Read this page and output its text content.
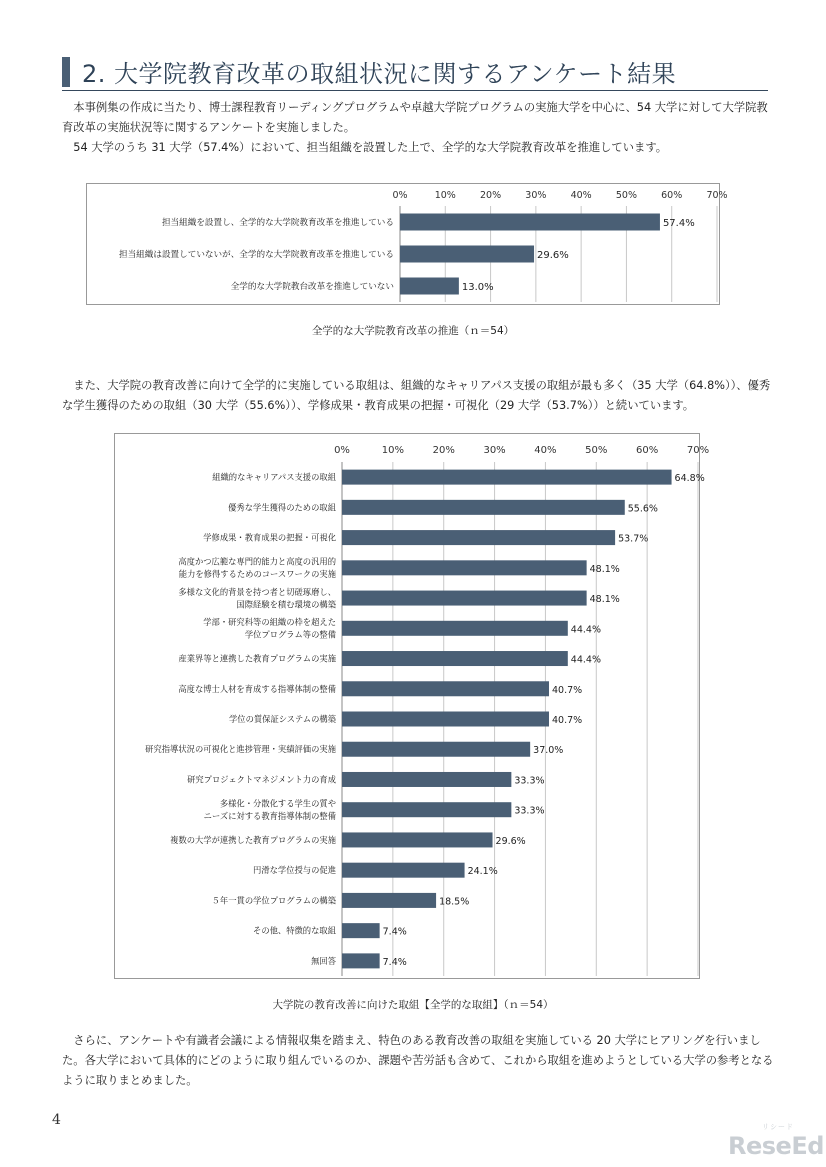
2. 大学院教育改革の取組状況に関するアンケート結果

　本事例集の作成に当たり、博士課程教育リーディングプログラムや卓越大学院プログラムの実施大学を中心に、54 大学に対して大学院教育改革の実施状況等に関するアンケートを実施しました。

　54 大学のうち 31 大学（57.4%）において、担当組織を設置した上で、全学的な大学院教育改革を推進しています。

0%	10%	20%	30%	40%	50%	60%	70%
57.4%
担当組織を設置し、全学的な大学院教育改革を推進している
29.6%
担当組織は設置していないが、全学的な大学院教育改革を推進している
13.0%
全学的な大学院教台改革を推進していない
全学的な大学院教育改革の推進（ｎ＝54）

　また、大学院の教育改善に向けて全学的に実施している取組は、組織的なキャリアパス支援の取組が最も多く（35 大学（64.8%））、優秀な学生獲得のための取組（30 大学（55.6%））、学修成果・教育成果の把握・可視化（29 大学（53.7%））と続いています。

0%	10%	20%	30%	40%	50%	60%	70%
64.8%
組織的なキャリアパス支援の取組
55.6%
優秀な学生獲得のための取組
53.7%
学修成果・教育成果の把握・可視化
48.1%
高度かつ広範な専門的能力と高度の汎用的
能力を修得するためのコースワークの実施
48.1%
多様な文化的背景を持つ者と切磋琢磨し、
国際経験を積む環境の構築
44.4%
学部・研究科等の組織の枠を超えた
学位プログラム等の整備
44.4%
産業界等と連携した教育プログラムの実施
40.7%
高度な博士人材を育成する指導体制の整備
40.7%
学位の質保証システムの構築
37.0%
研究指導状況の可視化と進捗管理・実績評価の実施
33.3%
研究プロジェクトマネジメント力の育成
33.3%
多様化・分散化する学生の質や
ニーズに対する教育指導体制の整備
29.6%
複数の大学が連携した教育プログラムの実施
24.1%
円滑な学位授与の促進
18.5%
５年一貫の学位プログラムの構築
7.4%
その他、特徴的な取組
7.4%
無回答
大学院の教育改善に向けた取組【全学的な取組】（ｎ＝54）

　さらに、アンケートや有識者会議による情報収集を踏まえ、特色のある教育改善の取組を実施している 20 大学にヒアリングを行いました。各大学において具体的にどのように取り組んでいるのか、課題や苦労話も含めて、これから取組を進めようとしている大学の参考となるように取りまとめました。

4	リシード
ReseEd
